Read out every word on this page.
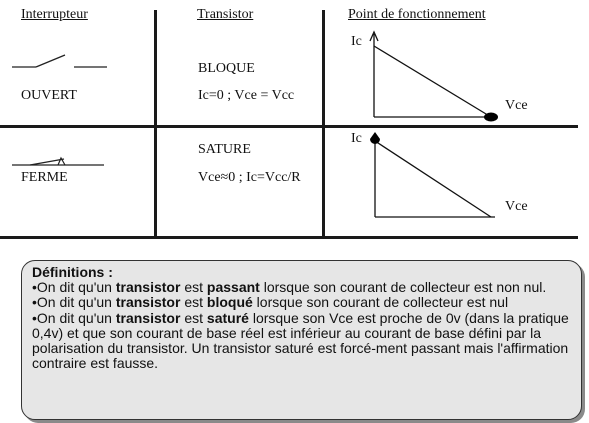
Interrupteur	Transistor	Point de fonctionnement
OUVERT
BLOQUE
Ic=0 ; Vce = Vcc
Ic
Vce
FERME
SATURE
Vce≈0 ; Ic=Vcc/R
Ic
Vce

Définitions :

•On dit qu'un transistor est passant lorsque son courant de collecteur est non nul.

•On dit qu'un transistor est bloqué lorsque son courant de collecteur est nul

•On dit qu'un transistor est saturé lorsque son Vce est proche de 0v (dans la pratique 0,4v) et que son courant de base réel est inférieur au courant de base défini par la polarisation du transistor. Un transistor saturé est forcé-ment passant mais l'affirmation contraire est fausse.
